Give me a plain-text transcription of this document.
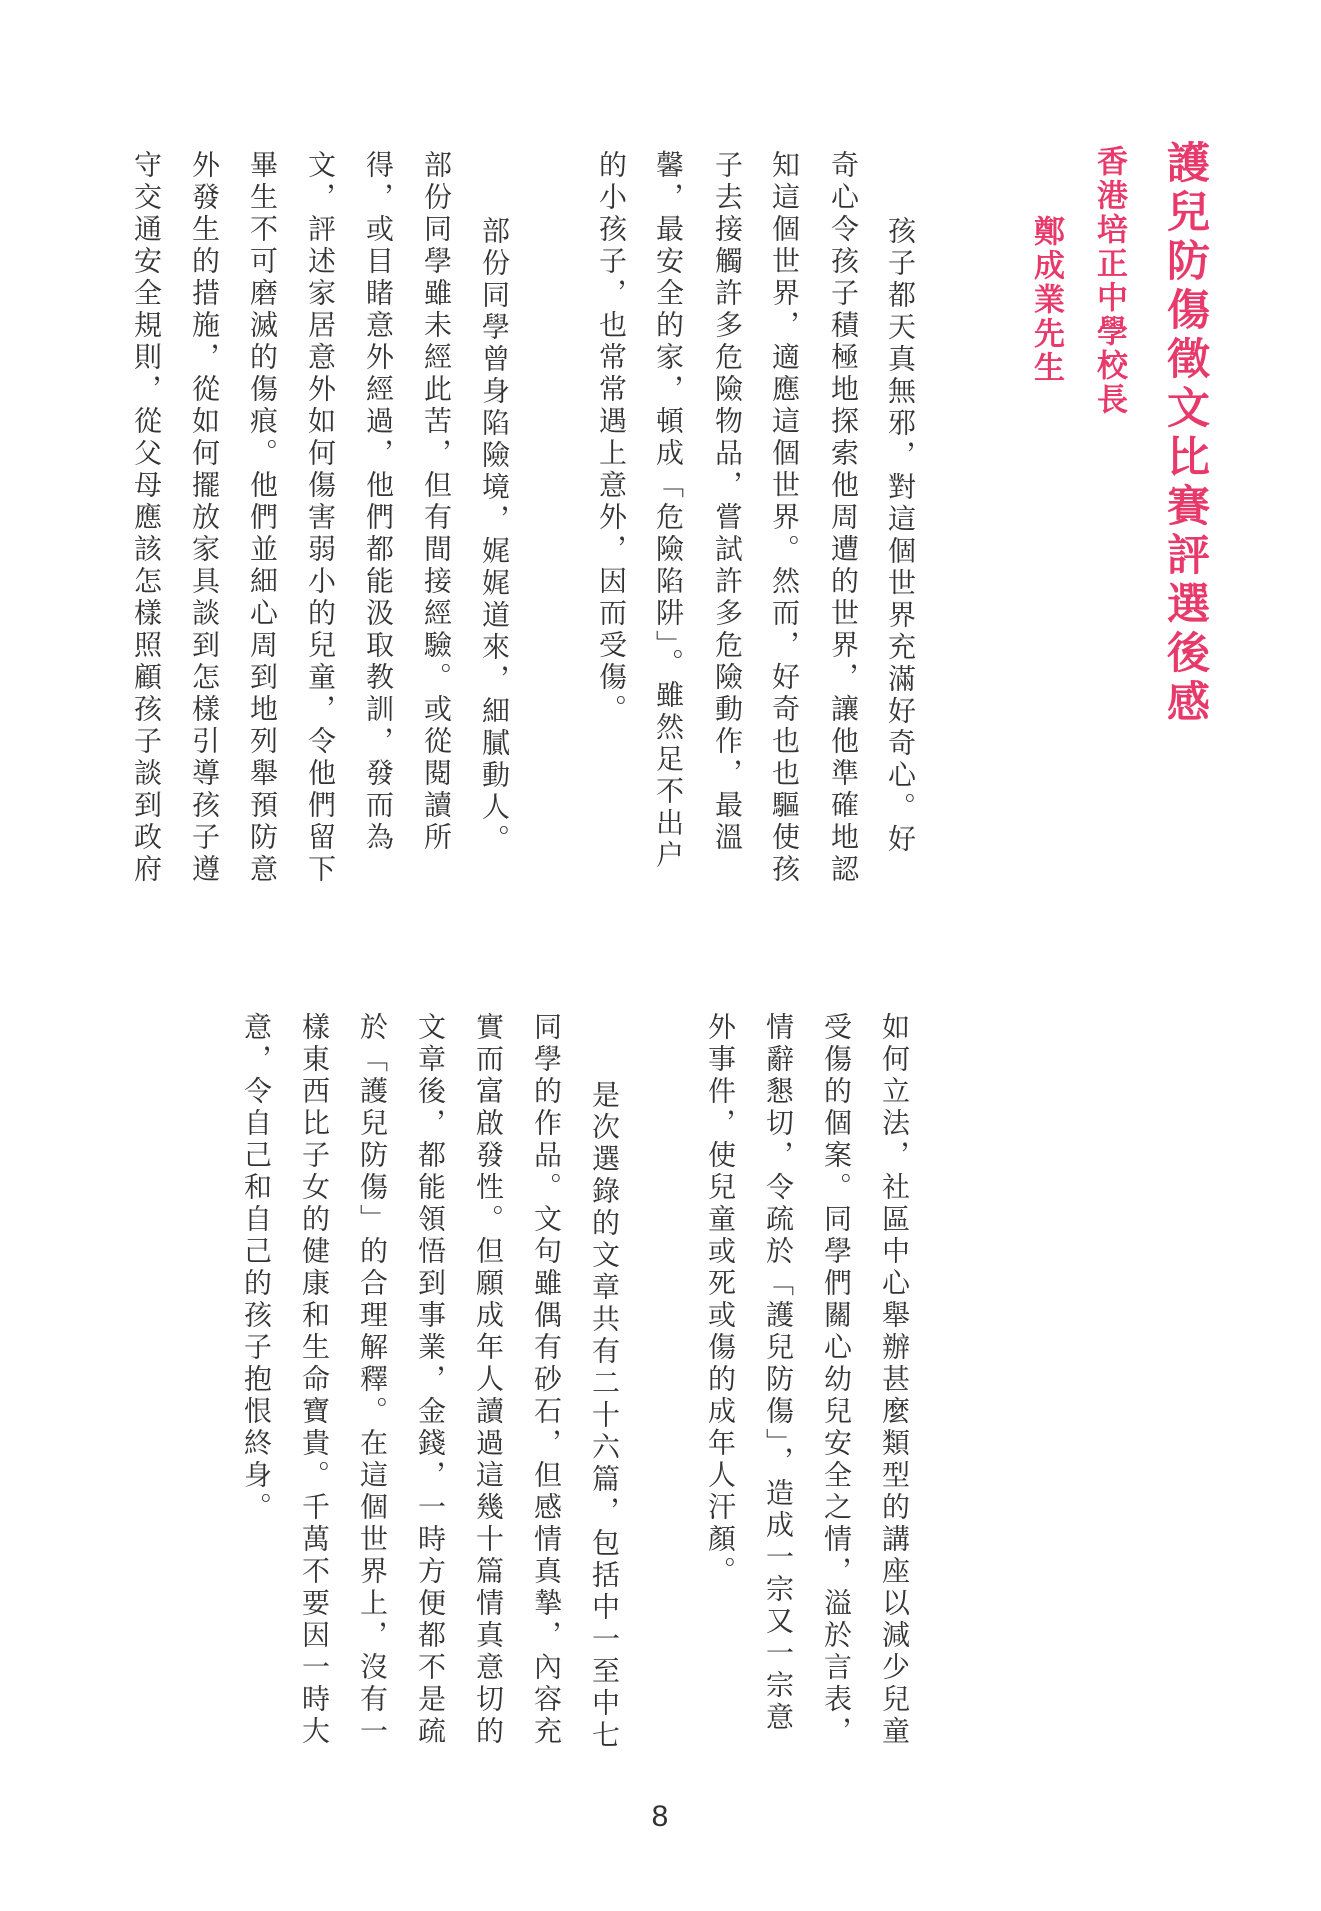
護兒防傷徵文比賽評選後感
香港培正中學校長
鄭成業先生

孩子都天真無邪，對這個世界充滿好奇心。好

奇心令孩子積極地探索他周遭的世界，讓他準確地認

知這個世界，適應這個世界。然而，好奇也也驅使孩

子去接觸許多危險物品，嘗試許多危險動作，最溫

馨，最安全的家，頓成「危險陷阱」。雖然足不出户

的小孩子，也常常遇上意外，因而受傷。

部份同學曾身陷險境，娓娓道來，細膩動人。

部份同學雖未經此苦，但有間接經驗。或從閱讀所

得，或目睹意外經過，他們都能汲取教訓，發而為

文，評述家居意外如何傷害弱小的兒童，令他們留下

畢生不可磨滅的傷痕。他們並細心周到地列舉預防意

外發生的措施，從如何擺放家具談到怎樣引導孩子遵

守交通安全規則，從父母應該怎樣照顧孩子談到政府

如何立法，社區中心舉辦甚麼類型的講座以減少兒童

受傷的個案。同學們關心幼兒安全之情，溢於言表，

情辭懇切，令疏於「護兒防傷」，造成一宗又一宗意

外事件，使兒童或死或傷的成年人汗顏。

是次選錄的文章共有二十六篇，包括中一至中七

同學的作品。文句雖偶有砂石，但感情真摯，內容充

實而富啟發性。但願成年人讀過這幾十篇情真意切的

文章後，都能領悟到事業，金錢，一時方便都不是疏

於「護兒防傷」的合理解釋。在這個世界上，沒有一

樣東西比子女的健康和生命寶貴。千萬不要因一時大

意，令自己和自己的孩子抱恨終身。

8
